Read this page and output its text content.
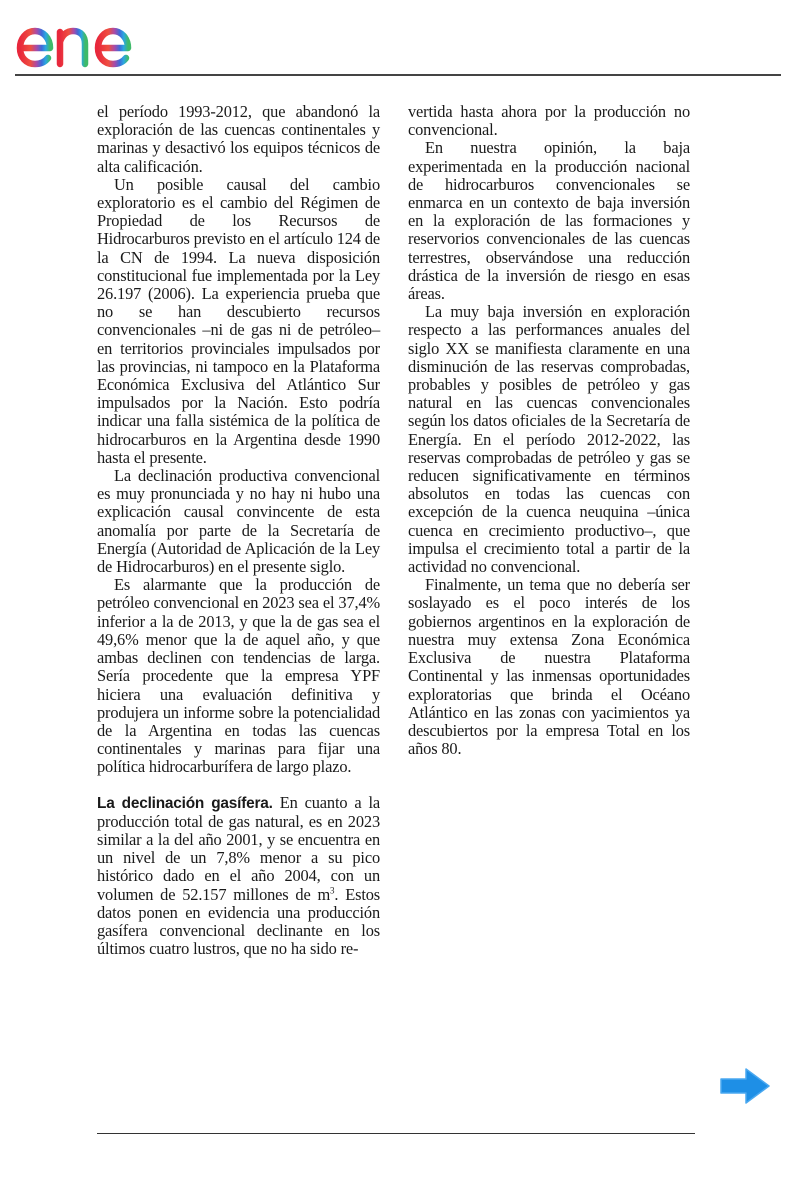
el período 1993-2012, que abandonó la exploración de las cuencas continentales y marinas y desactivó los equipos técnicos de alta calificación.

Un posible causal del cambio exploratorio es el cambio del Régimen de Propiedad de los Recursos de Hidrocarburos previsto en el artículo 124 de la CN de 1994. La nueva disposición constitucional fue implementada por la Ley 26.197 (2006). La experiencia prueba que no se han descubierto recursos convencionales –ni de gas ni de petróleo– en territorios provinciales impulsados por las provincias, ni tampoco en la Plataforma Económica Exclusiva del Atlántico Sur impulsados por la Nación. Esto podría indicar una falla sistémica de la política de hidrocarburos en la Argentina desde 1990 hasta el presente.

La declinación productiva convencional es muy pronunciada y no hay ni hubo una explicación causal convincente de esta anomalía por parte de la Secretaría de Energía (Autoridad de Aplicación de la Ley de Hidrocarburos) en el presente siglo.

Es alarmante que la producción de petróleo convencional en 2023 sea el 37,4% inferior a la de 2013, y que la de gas sea el 49,6% menor que la de aquel año, y que ambas declinen con tendencias de larga. Sería procedente que la empresa YPF hiciera una evaluación definitiva y produjera un informe sobre la potencialidad de la Argentina en todas las cuencas continentales y marinas para fijar una política hidrocarburífera de largo plazo.

La declinación gasífera. En cuanto a la producción total de gas natural, es en 2023 similar a la del año 2001, y se encuentra en un nivel de un 7,8% menor a su pico histórico dado en el año 2004, con un volumen de 52.157 millones de $m^3$. Estos datos ponen en evidencia una producción gasífera convencional declinante en los últimos cuatro lustros, que no ha sido re-

vertida hasta ahora por la producción no convencional.

En nuestra opinión, la baja experimentada en la producción nacional de hidrocarburos convencionales se enmarca en un contexto de baja inversión en la exploración de las formaciones y reservorios convencionales de las cuencas terrestres, observándose una reducción drástica de la inversión de riesgo en esas áreas.

La muy baja inversión en exploración respecto a las performances anuales del siglo XX se manifiesta claramente en una disminución de las reservas comprobadas, probables y posibles de petróleo y gas natural en las cuencas convencionales según los datos oficiales de la Secretaría de Energía. En el período 2012-2022, las reservas comprobadas de petróleo y gas se reducen significativamente en términos absolutos en todas las cuencas con excepción de la cuenca neuquina –única cuenca en crecimiento productivo–, que impulsa el crecimiento total a partir de la actividad no convencional.

Finalmente, un tema que no debería ser soslayado es el poco interés de los gobiernos argentinos en la exploración de nuestra muy extensa Zona Económica Exclusiva de nuestra Plataforma Continental y las inmensas oportunidades exploratorias que brinda el Océano Atlántico en las zonas con yacimientos ya descubiertos por la empresa Total en los años 80.
